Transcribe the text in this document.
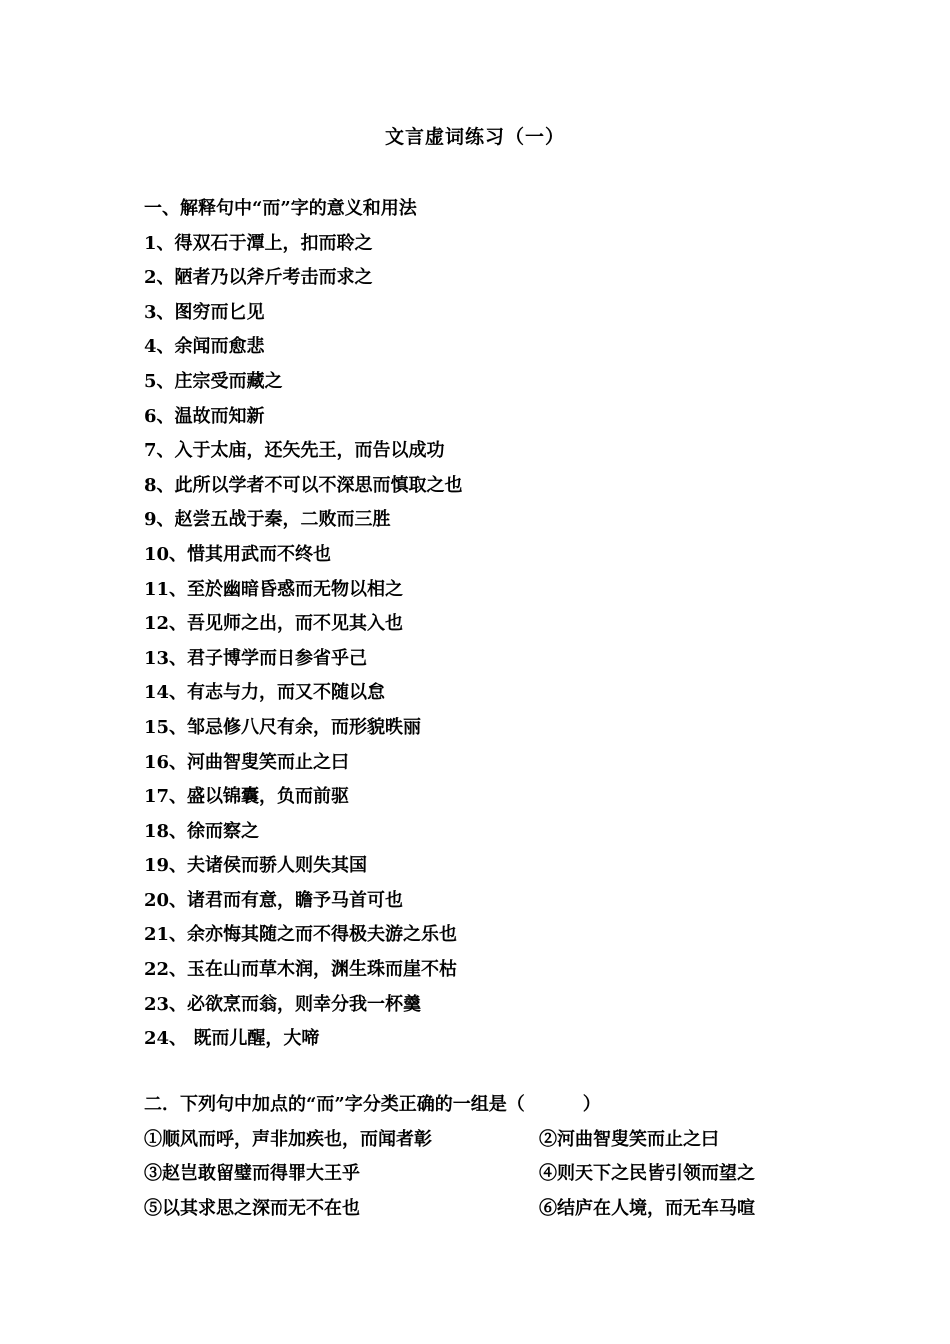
文言虚词练习（一）
一、解释句中“而”字的意义和用法
1、得双石于潭上，扣而聆之
2、陋者乃以斧斤考击而求之
3、图穷而匕见
4、余闻而愈悲
5、庄宗受而藏之
6、温故而知新
7、入于太庙，还矢先王，而告以成功
8、此所以学者不可以不深思而慎取之也
9、赵尝五战于秦，二败而三胜
10、惜其用武而不终也
11、至於幽暗昏惑而无物以相之
12、吾见师之出，而不见其入也
13、君子博学而日参省乎己
14、有志与力，而又不随以怠
15、邹忌修八尺有余，而形貌昳丽
16、河曲智叟笑而止之曰
17、盛以锦囊，负而前驱
18、徐而察之
19、夫诸侯而骄人则失其国
20、诸君而有意，瞻予马首可也
21、余亦悔其随之而不得极夫游之乐也
22、玉在山而草木润，渊生珠而崖不枯
23、必欲烹而翁，则幸分我一杯羹
24、 既而儿醒，大啼
二．下列句中加点的“而”字分类正确的一组是（	）
①顺风而呼，声非加疾也，而闻者彰	②河曲智叟笑而止之曰
③赵岂敢留璧而得罪大王乎	④则天下之民皆引领而望之
⑤以其求思之深而无不在也	⑥结庐在人境，而无车马喧
